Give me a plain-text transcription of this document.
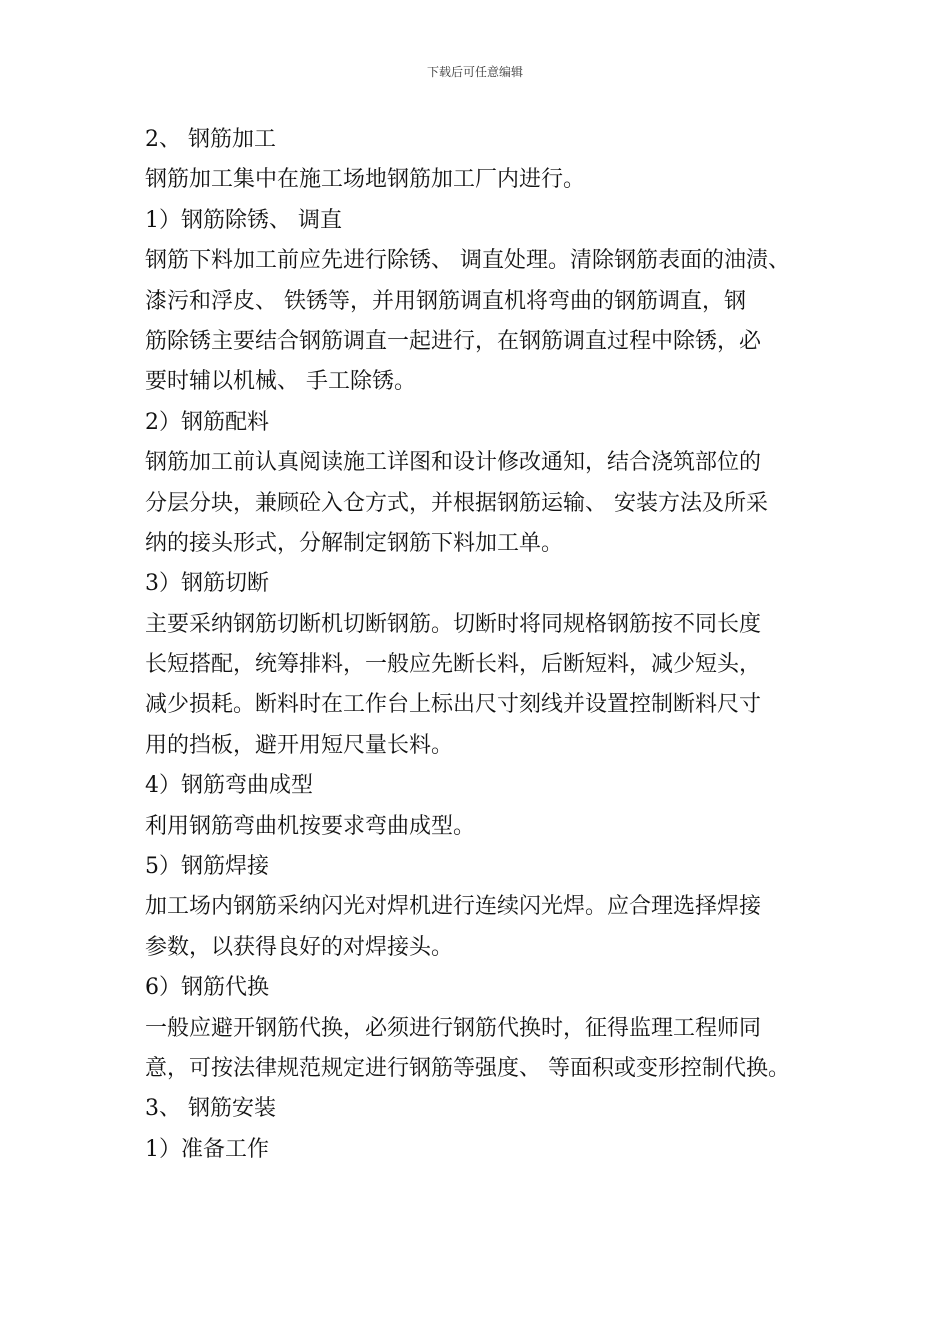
下载后可任意编辑
2、 钢筋加工
钢筋加工集中在施工场地钢筋加工厂内进行。
1）钢筋除锈、 调直
钢筋下料加工前应先进行除锈、 调直处理。清除钢筋表面的油渍、
漆污和浮皮、 铁锈等，并用钢筋调直机将弯曲的钢筋调直，钢
筋除锈主要结合钢筋调直一起进行，在钢筋调直过程中除锈，必
要时辅以机械、 手工除锈。
2）钢筋配料
钢筋加工前认真阅读施工详图和设计修改通知，结合浇筑部位的
分层分块，兼顾砼入仓方式，并根据钢筋运输、 安装方法及所采
纳的接头形式，分解制定钢筋下料加工单。
3）钢筋切断
主要采纳钢筋切断机切断钢筋。切断时将同规格钢筋按不同长度
长短搭配，统筹排料，一般应先断长料，后断短料，减少短头，
减少损耗。断料时在工作台上标出尺寸刻线并设置控制断料尺寸
用的挡板，避开用短尺量长料。
4）钢筋弯曲成型
利用钢筋弯曲机按要求弯曲成型。
5）钢筋焊接
加工场内钢筋采纳闪光对焊机进行连续闪光焊。应合理选择焊接
参数，以获得良好的对焊接头。
6）钢筋代换
一般应避开钢筋代换，必须进行钢筋代换时，征得监理工程师同
意，可按法律规范规定进行钢筋等强度、 等面积或变形控制代换。
3、 钢筋安装
1）准备工作
